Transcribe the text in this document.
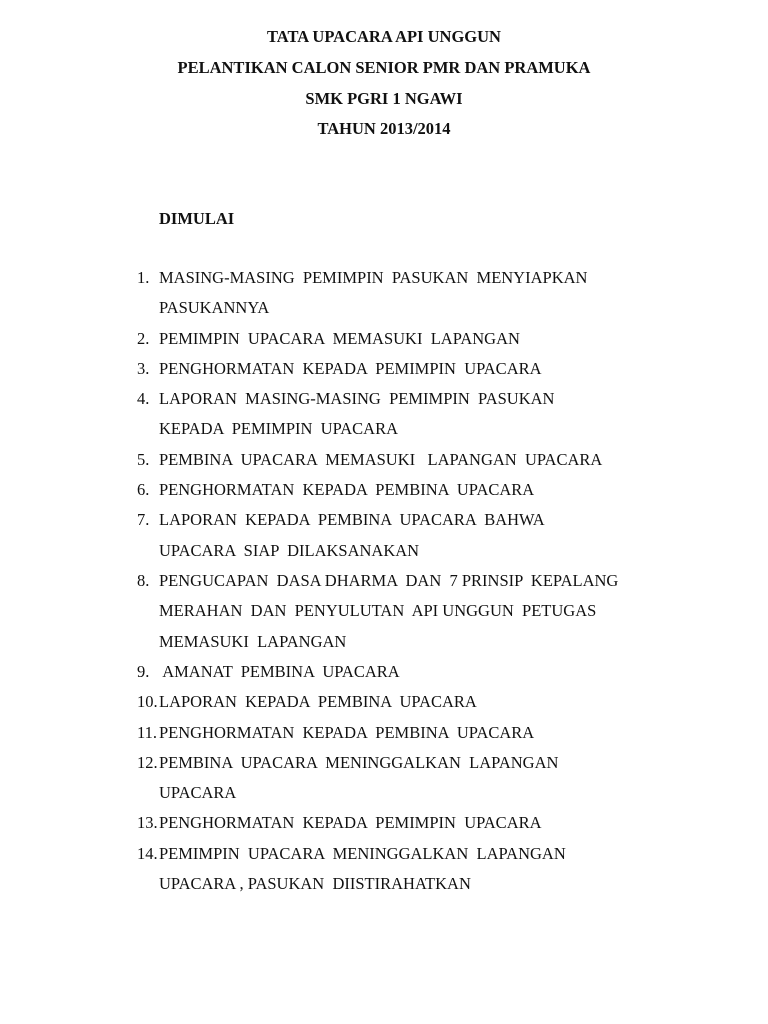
TATA UPACARA API UNGGUN
PELANTIKAN CALON SENIOR PMR DAN PRAMUKA
SMK PGRI 1 NGAWI
TAHUN 2013/2014
DIMULAI
1. MASING-MASING  PEMIMPIN  PASUKAN  MENYIAPKAN
PASUKANNYA
2. PEMIMPIN  UPACARA  MEMASUKI  LAPANGAN
3. PENGHORMATAN  KEPADA  PEMIMPIN  UPACARA
4. LAPORAN  MASING-MASING  PEMIMPIN  PASUKAN
KEPADA  PEMIMPIN  UPACARA
5. PEMBINA  UPACARA  MEMASUKI   LAPANGAN  UPACARA
6. PENGHORMATAN  KEPADA  PEMBINA  UPACARA
7. LAPORAN  KEPADA  PEMBINA  UPACARA  BAHWA
UPACARA  SIAP  DILAKSANAKAN
8. PENGUCAPAN  DASA DHARMA  DAN  7 PRINSIP  KEPALANG
MERAHAN  DAN  PENYULUTAN  API UNGGUN  PETUGAS
MEMASUKI  LAPANGAN
9. AMANAT  PEMBINA  UPACARA
10. LAPORAN  KEPADA  PEMBINA  UPACARA
11. PENGHORMATAN  KEPADA  PEMBINA  UPACARA
12. PEMBINA  UPACARA  MENINGGALKAN  LAPANGAN
UPACARA
13. PENGHORMATAN  KEPADA  PEMIMPIN  UPACARA
14. PEMIMPIN  UPACARA  MENINGGALKAN  LAPANGAN
UPACARA , PASUKAN  DIISTIRAHATKAN
